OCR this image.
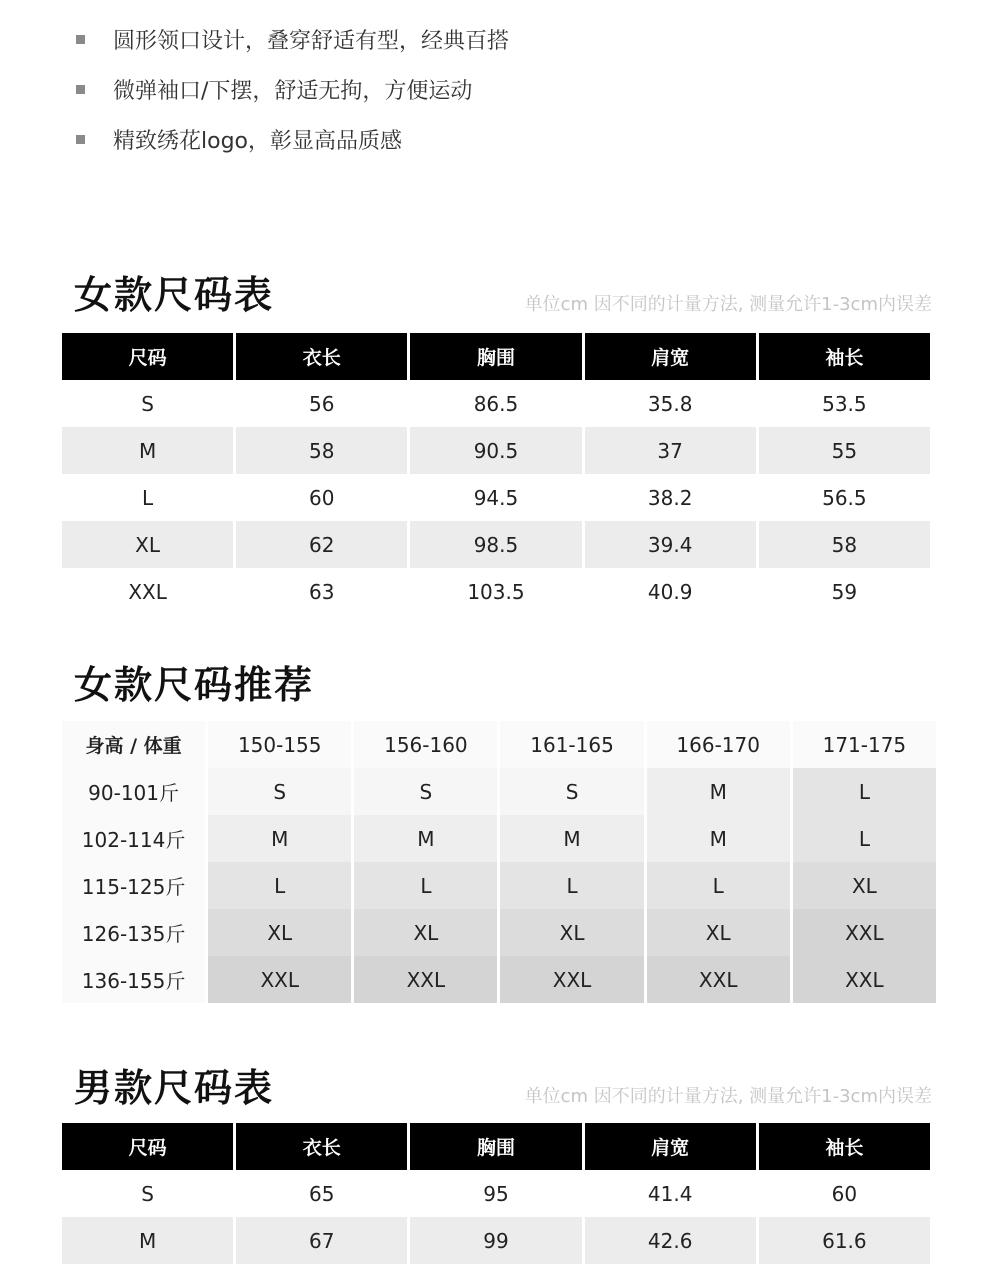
圆形领口设计，叠穿舒适有型，经典百搭
微弹袖口/下摆，舒适无拘，方便运动
精致绣花logo，彰显高品质感
女款尺码表	单位cm 因不同的计量方法, 测量允许1-3cm内误差
尺码	衣长	胸围	肩宽	袖长
S	56	86.5	35.8	53.5
M	58	90.5	37	55
L	60	94.5	38.2	56.5
XL	62	98.5	39.4	58
XXL	63	103.5	40.9	59
女款尺码推荐
身高 / 体重	150-155	156-160	161-165	166-170	171-175
90-101斤	S	S	S	M	L
102-114斤	M	M	M	M	L
115-125斤	L	L	L	L	XL
126-135斤	XL	XL	XL	XL	XXL
136-155斤	XXL	XXL	XXL	XXL	XXL
男款尺码表	单位cm 因不同的计量方法, 测量允许1-3cm内误差
尺码	衣长	胸围	肩宽	袖长
S	65	95	41.4	60
M	67	99	42.6	61.6
